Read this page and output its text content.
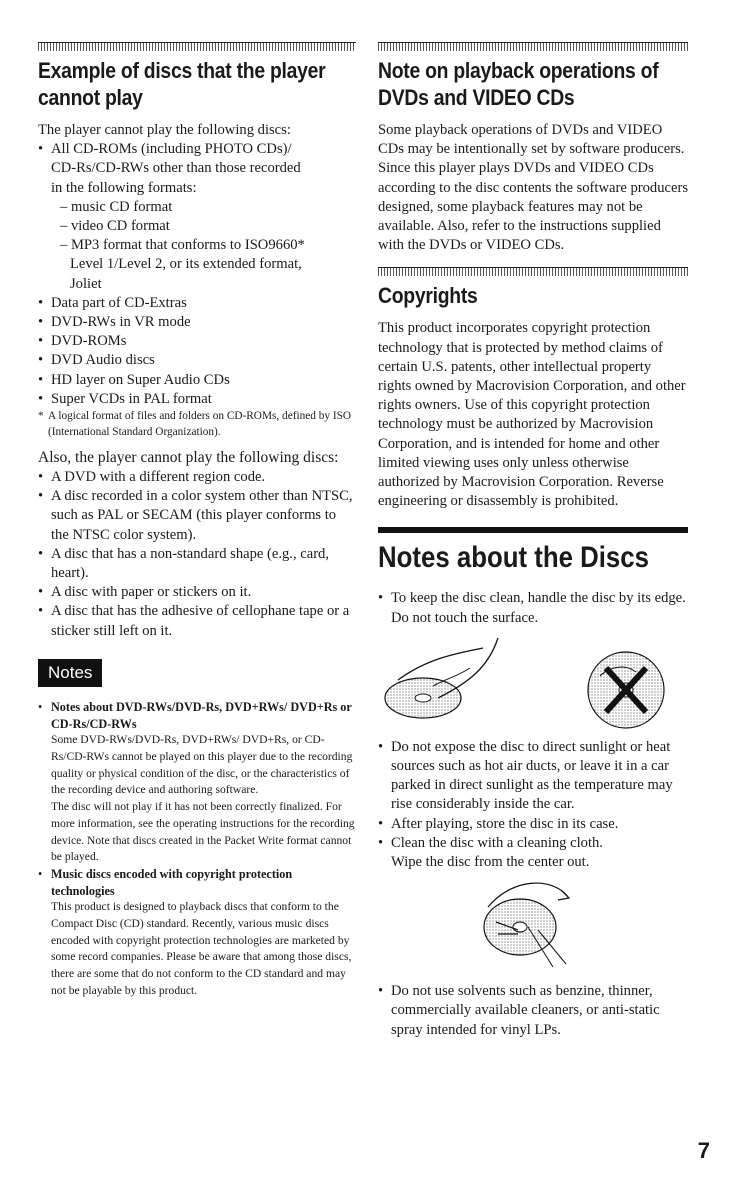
Example of discs that the player cannot play

The player cannot play the following discs:

• All CD-ROMs (including PHOTO CDs)/
CD-Rs/CD-RWs other than those recorded
in the following formats:
– music CD format
– video CD format
– MP3 format that conforms to ISO9660*
Level 1/Level 2, or its extended format,
Joliet
• Data part of CD-Extras
• DVD-RWs in VR mode
• DVD-ROMs
• DVD Audio discs
• HD layer on Super Audio CDs
• Super VCDs in PAL format
* A logical format of files and folders on CD-ROMs, defined by ISO (International Standard Organization).

Also, the player cannot play the following discs:

• A DVD with a different region code.
• A disc recorded in a color system other than NTSC, such as PAL or SECAM (this player conforms to the NTSC color system).
• A disc that has a non-standard shape (e.g., card, heart).
• A disc with paper or stickers on it.
• A disc that has the adhesive of cellophane tape or a sticker still left on it.
Notes
• Notes about DVD-RWs/DVD-Rs, DVD+RWs/ DVD+Rs or CD-Rs/CD-RWs
Some DVD-RWs/DVD-Rs, DVD+RWs/ DVD+Rs, or CD-Rs/CD-RWs cannot be played on this player due to the recording quality or physical condition of the disc, or the characteristics of the recording device and authoring software.
The disc will not play if it has not been correctly finalized. For more information, see the operating instructions for the recording device. Note that discs created in the Packet Write format cannot be played.
• Music discs encoded with copyright protection technologies
This product is designed to playback discs that conform to the Compact Disc (CD) standard. Recently, various music discs encoded with copyright protection technologies are marketed by some record companies. Please be aware that among those discs, there are some that do not conform to the CD standard and may not be playable by this product.
Note on playback operations of DVDs and VIDEO CDs

Some playback operations of DVDs and VIDEO CDs may be intentionally set by software producers. Since this player plays DVDs and VIDEO CDs according to the disc contents the software producers designed, some playback features may not be available. Also, refer to the instructions supplied with the DVDs or VIDEO CDs.

Copyrights

This product incorporates copyright protection technology that is protected by method claims of certain U.S. patents, other intellectual property rights owned by Macrovision Corporation, and other rights owners. Use of this copyright protection technology must be authorized by Macrovision Corporation, and is intended for home and other limited viewing uses only unless otherwise authorized by Macrovision Corporation. Reverse engineering or disassembly is prohibited.

Notes about the Discs
• To keep the disc clean, handle the disc by its edge. Do not touch the surface.
• Do not expose the disc to direct sunlight or heat sources such as hot air ducts, or leave it in a car parked in direct sunlight as the temperature may rise considerably inside the car.
• After playing, store the disc in its case.
• Clean the disc with a cleaning cloth.
Wipe the disc from the center out.
• Do not use solvents such as benzine, thinner, commercially available cleaners, or anti-static spray intended for vinyl LPs.
7
